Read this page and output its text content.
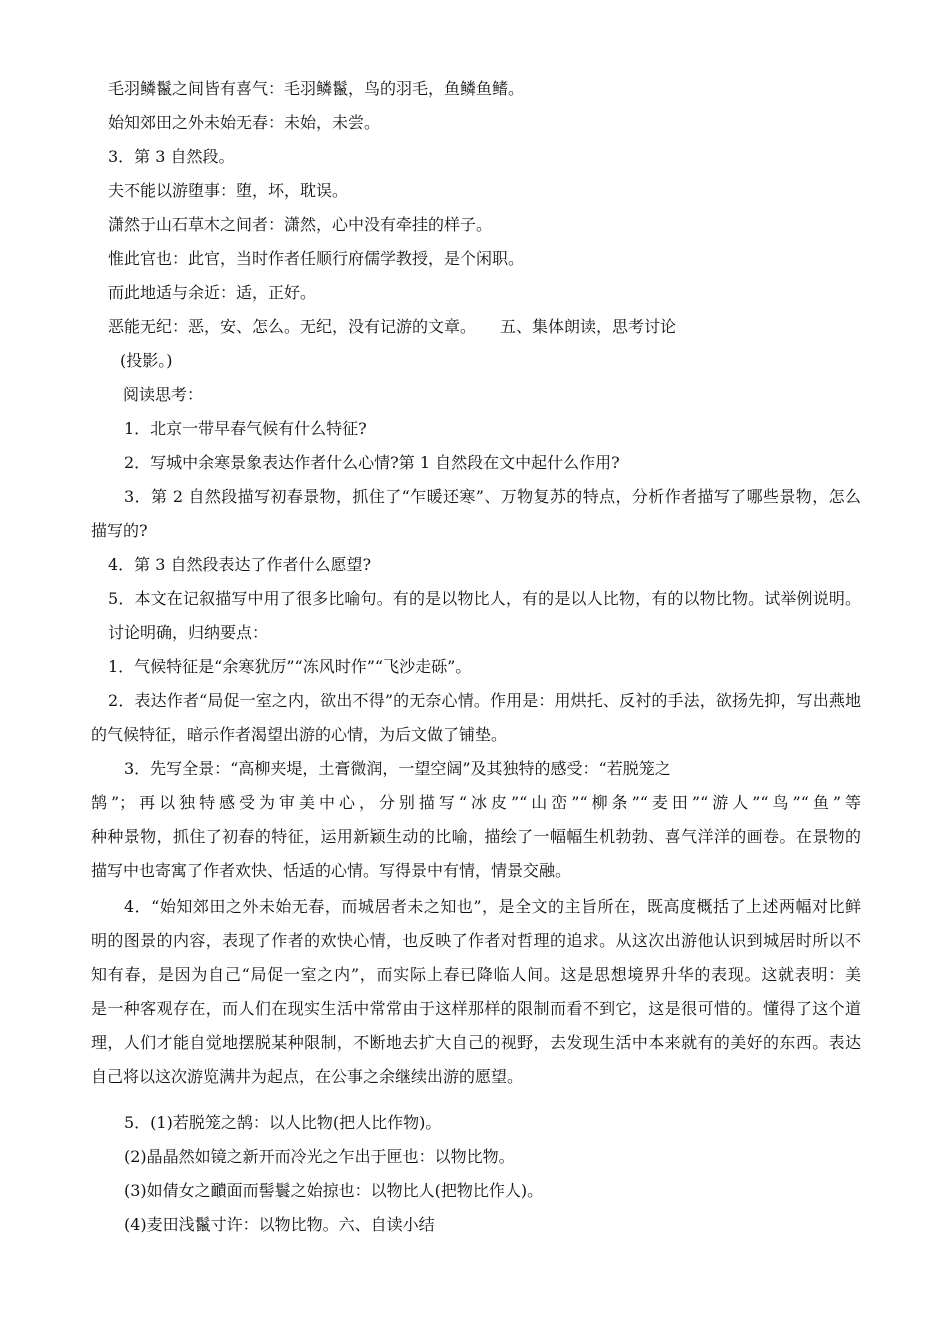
毛羽鳞鬣之间皆有喜气：毛羽鳞鬣，鸟的羽毛，鱼鳞鱼鳍。
始知郊田之外未始无春：未始，未尝。
3．第 3 自然段。
夫不能以游堕事：堕，坏，耽误。
潇然于山石草木之间者：潇然，心中没有牵挂的样子。
惟此官也：此官，当时作者任顺行府儒学教授，是个闲职。
而此地适与余近：适，正好。
恶能无纪：恶，安、怎么。无纪，没有记游的文章。　　五、集体朗读，思考讨论
(投影。)
阅读思考：
1．北京一带早春气候有什么特征?
2．写城中余寒景象表达作者什么心情?第 1 自然段在文中起什么作用?
3．第 2 自然段描写初春景物，抓住了“乍暖还寒”、万物复苏的特点，分析作者描写了哪些景物，怎么
描写的?
4．第 3 自然段表达了作者什么愿望?
5．本文在记叙描写中用了很多比喻句。有的是以物比人，有的是以人比物，有的以物比物。试举例说明。
讨论明确，归纳要点：
1．气候特征是“余寒犹厉”“冻风时作”“飞沙走砾”。
2．表达作者“局促一室之内，欲出不得”的无奈心情。作用是：用烘托、反衬的手法，欲扬先抑，写出燕地
的气候特征，暗示作者渴望出游的心情，为后文做了铺垫。
3．先写全景：“高柳夹堤，土膏微润，一望空阔”及其独特的感受：“若脱笼之
鹄”；再以独特感受为审美中心，分别描写“冰皮”“山峦”“柳条”“麦田”“游人”“鸟”“鱼”等
种种景物，抓住了初春的特征，运用新颖生动的比喻，描绘了一幅幅生机勃勃、喜气洋洋的画卷。在景物的
描写中也寄寓了作者欢快、恬适的心情。写得景中有情，情景交融。
4．“始知郊田之外未始无春，而城居者未之知也”，是全文的主旨所在，既高度概括了上述两幅对比鲜
明的图景的内容，表现了作者的欢快心情，也反映了作者对哲理的追求。从这次出游他认识到城居时所以不
知有春，是因为自己“局促一室之内”，而实际上春已降临人间。这是思想境界升华的表现。这就表明：美
是一种客观存在，而人们在现实生活中常常由于这样那样的限制而看不到它，这是很可惜的。懂得了这个道
理，人们才能自觉地摆脱某种限制，不断地去扩大自己的视野，去发现生活中本来就有的美好的东西。表达
自己将以这次游览满井为起点，在公事之余继续出游的愿望。
5．(1)若脱笼之鹄：以人比物(把人比作物)。
(2)晶晶然如镜之新开而冷光之乍出于匣也：以物比物。
(3)如倩女之靧面而髻鬟之始掠也：以物比人(把物比作人)。
(4)麦田浅鬣寸许：以物比物。六、自读小结
